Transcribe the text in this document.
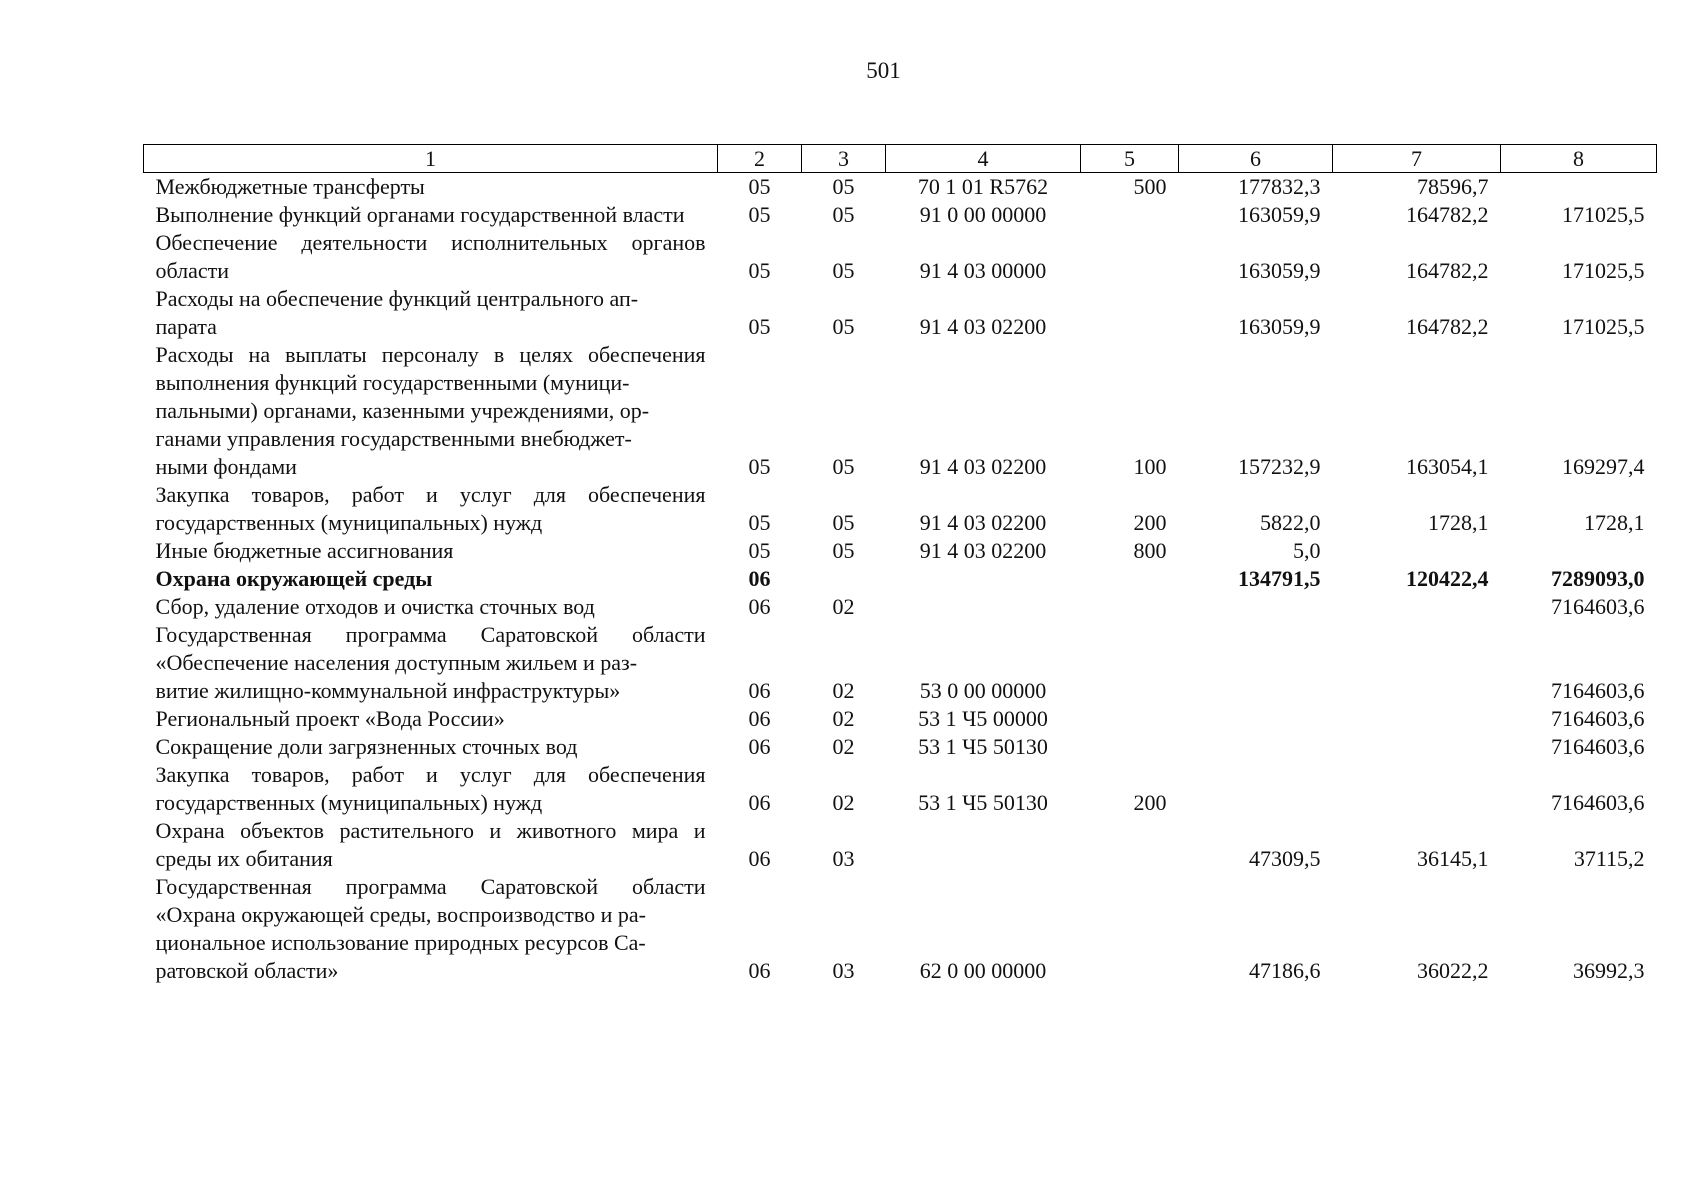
501
1	2	3	4	5	6	7	8
Межбюджетные трансферты	05	05	70 1 01 R5762	500	177832,3	78596,7	
Выполнение функций органами государственной власти	05	05	91 0 00 00000		163059,9	164782,2	171025,5
Обеспечение деятельности исполнительных органов области	05	05	91 4 03 00000		163059,9	164782,2	171025,5
Расходы на обеспечение функций центрального ап-
парата	05	05	91 4 03 02200		163059,9	164782,2	171025,5
Расходы на выплаты персоналу в целях обеспечения выполнения функций государственными (муници-
пальными) органами, казенными учреждениями, ор-
ганами управления государственными внебюджет-
ными фондами	05	05	91 4 03 02200	100	157232,9	163054,1	169297,4
Закупка товаров, работ и услуг для обеспечения государственных (муниципальных) нужд	05	05	91 4 03 02200	200	5822,0	1728,1	1728,1
Иные бюджетные ассигнования	05	05	91 4 03 02200	800	5,0		
Охрана окружающей среды	06				134791,5	120422,4	7289093,0
Сбор, удаление отходов и очистка сточных вод	06	02					7164603,6
Государственная программа Саратовской области «Обеспечение населения доступным жильем и раз-
витие жилищно-коммунальной инфраструктуры»	06	02	53 0 00 00000				7164603,6
Региональный проект «Вода России»	06	02	53 1 Ч5 00000				7164603,6
Сокращение доли загрязненных сточных вод	06	02	53 1 Ч5 50130				7164603,6
Закупка товаров, работ и услуг для обеспечения государственных (муниципальных) нужд	06	02	53 1 Ч5 50130	200			7164603,6
Охрана объектов растительного и животного мира и среды их обитания	06	03			47309,5	36145,1	37115,2
Государственная программа Саратовской области «Охрана окружающей среды, воспроизводство и ра-
циональное использование природных ресурсов Са-
ратовской области»	06	03	62 0 00 00000		47186,6	36022,2	36992,3
